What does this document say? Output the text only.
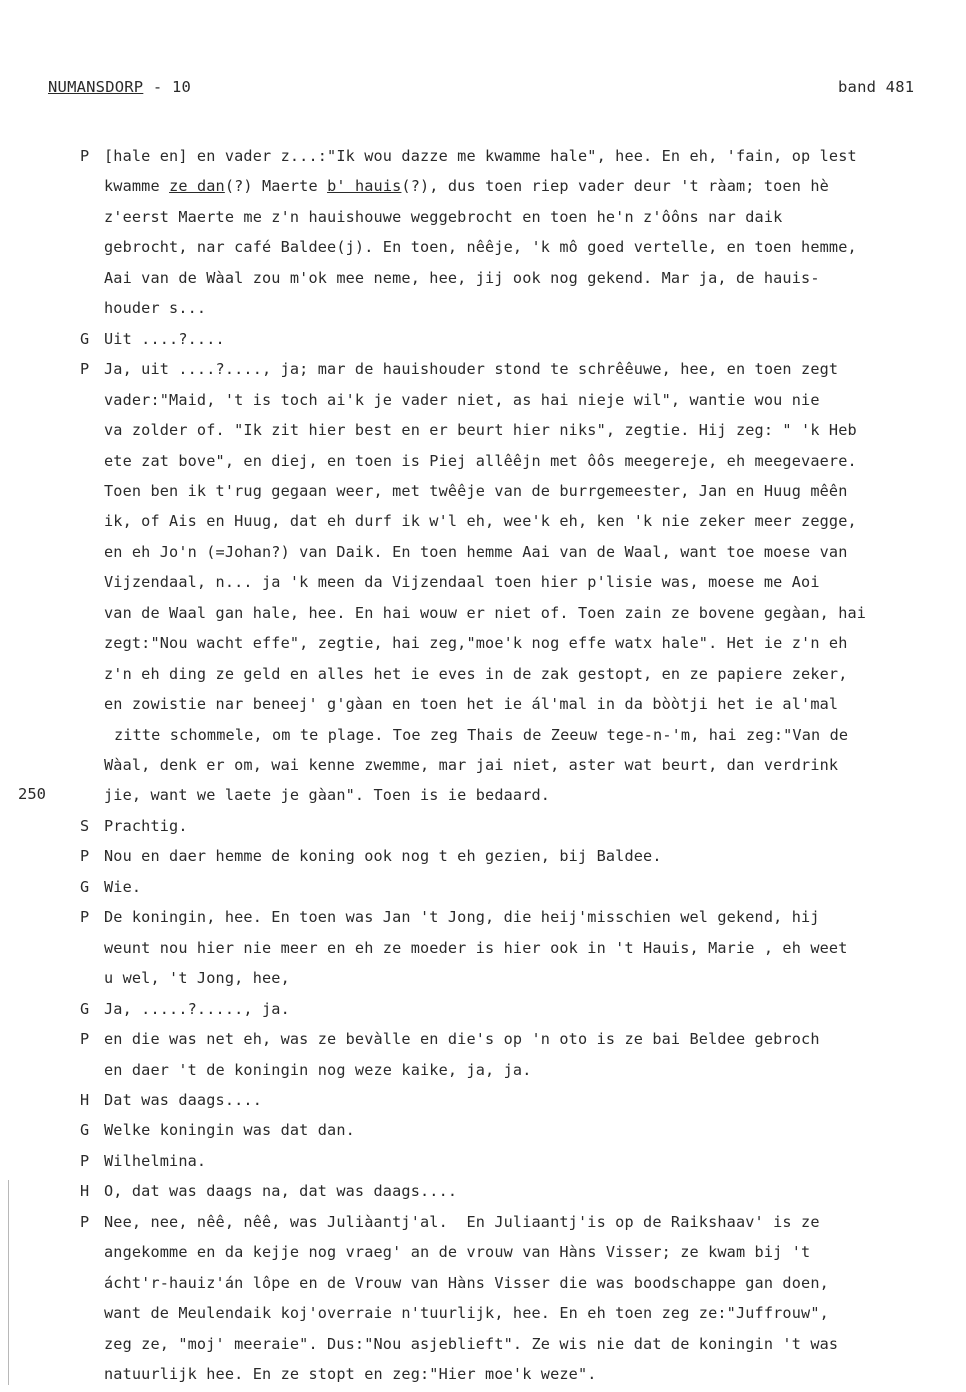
NUMANSDORP - 10	band 481
250
P [hale en] en vader z...:"Ik wou dazze me kwamme hale", hee. En eh, 'fain, op lest
kwamme ze dan(?) Maerte b' hauis(?), dus toen riep vader deur 't ràam; toen hè
z'eerst Maerte me z'n hauishouwe weggebrocht en toen he'n z'ôôns nar daik
gebrocht, nar café Baldee(j). En toen, nêêje, 'k mô goed vertelle, en toen hemme,
Aai van de Wàal zou m'ok mee neme, hee, jij ook nog gekend. Mar ja, de hauis-
houder s...
G Uit ....?....
P Ja, uit ....?...., ja; mar de hauishouder stond te schrêêuwe, hee, en toen zegt
vader:"Maid, 't is toch ai'k je vader niet, as hai nieje wil", wantie wou nie
va zolder of. "Ik zit hier best en er beurt hier niks", zegtie. Hij zeg: " 'k Heb
ete zat bove", en diej, en toen is Piej allêêjn met ôôs meegereje, eh meegevaere.
Toen ben ik t'rug gegaan weer, met twêêje van de burrgemeester, Jan en Huug mêên
ik, of Ais en Huug, dat eh durf ik w'l eh, wee'k eh, ken 'k nie zeker meer zegge,
en eh Jo'n (=Johan?) van Daik. En toen hemme Aai van de Waal, want toe moese van
Vijzendaal, n... ja 'k meen da Vijzendaal toen hier p'lisie was, moese me Aoi
van de Waal gan hale, hee. En hai wouw er niet of. Toen zain ze bovene gegàan, hai
zegt:"Nou wacht effe", zegtie, hai zeg,"moe'k nog effe watx hale". Het ie z'n eh
z'n eh ding ze geld en alles het ie eves in de zak gestopt, en ze papiere zeker,
en zowistie nar beneej' g'gàan en toen het ie ál'mal in da bòòtji het ie al'mal
zitte schommele, om te plage. Toe zeg Thais de Zeeuw tege-n-'m, hai zeg:"Van de
Wàal, denk er om, wai kenne zwemme, mar jai niet, aster wat beurt, dan verdrink
jie, want we laete je gàan". Toen is ie bedaard.
S Prachtig.
P Nou en daer hemme de koning ook nog t eh gezien, bij Baldee.
G Wie.
P De koningin, hee. En toen was Jan 't Jong, die heij'misschien wel gekend, hij
weunt nou hier nie meer en eh ze moeder is hier ook in 't Hauis, Marie , eh weet
u wel, 't Jong, hee,
G Ja, .....?....., ja.
P en die was net eh, was ze bevàlle en die's op 'n oto is ze bai Beldee gebroch
en daer 't de koningin nog weze kaike, ja, ja.
H Dat was daags....
G Welke koningin was dat dan.
P Wilhelmina.
H O, dat was daags na, dat was daags....
P Nee, nee, nêê, nêê, was Juliàantj'al.  En Juliaantj'is op de Raikshaav' is ze
angekomme en da kejje nog vraeg' an de vrouw van Hàns Visser; ze kwam bij 't
ácht'r-hauiz'án lôpe en de Vrouw van Hàns Visser die was boodschappe gan doen,
want de Meulendaik koj'overraie n'tuurlijk, hee. En eh toen zeg ze:"Juffrouw",
zeg ze, "moj' meeraie". Dus:"Nou asjeblieft". Ze wis nie dat de koningin 't was
natuurlijk hee. En ze stopt en zeg:"Hier moe'k weze".
